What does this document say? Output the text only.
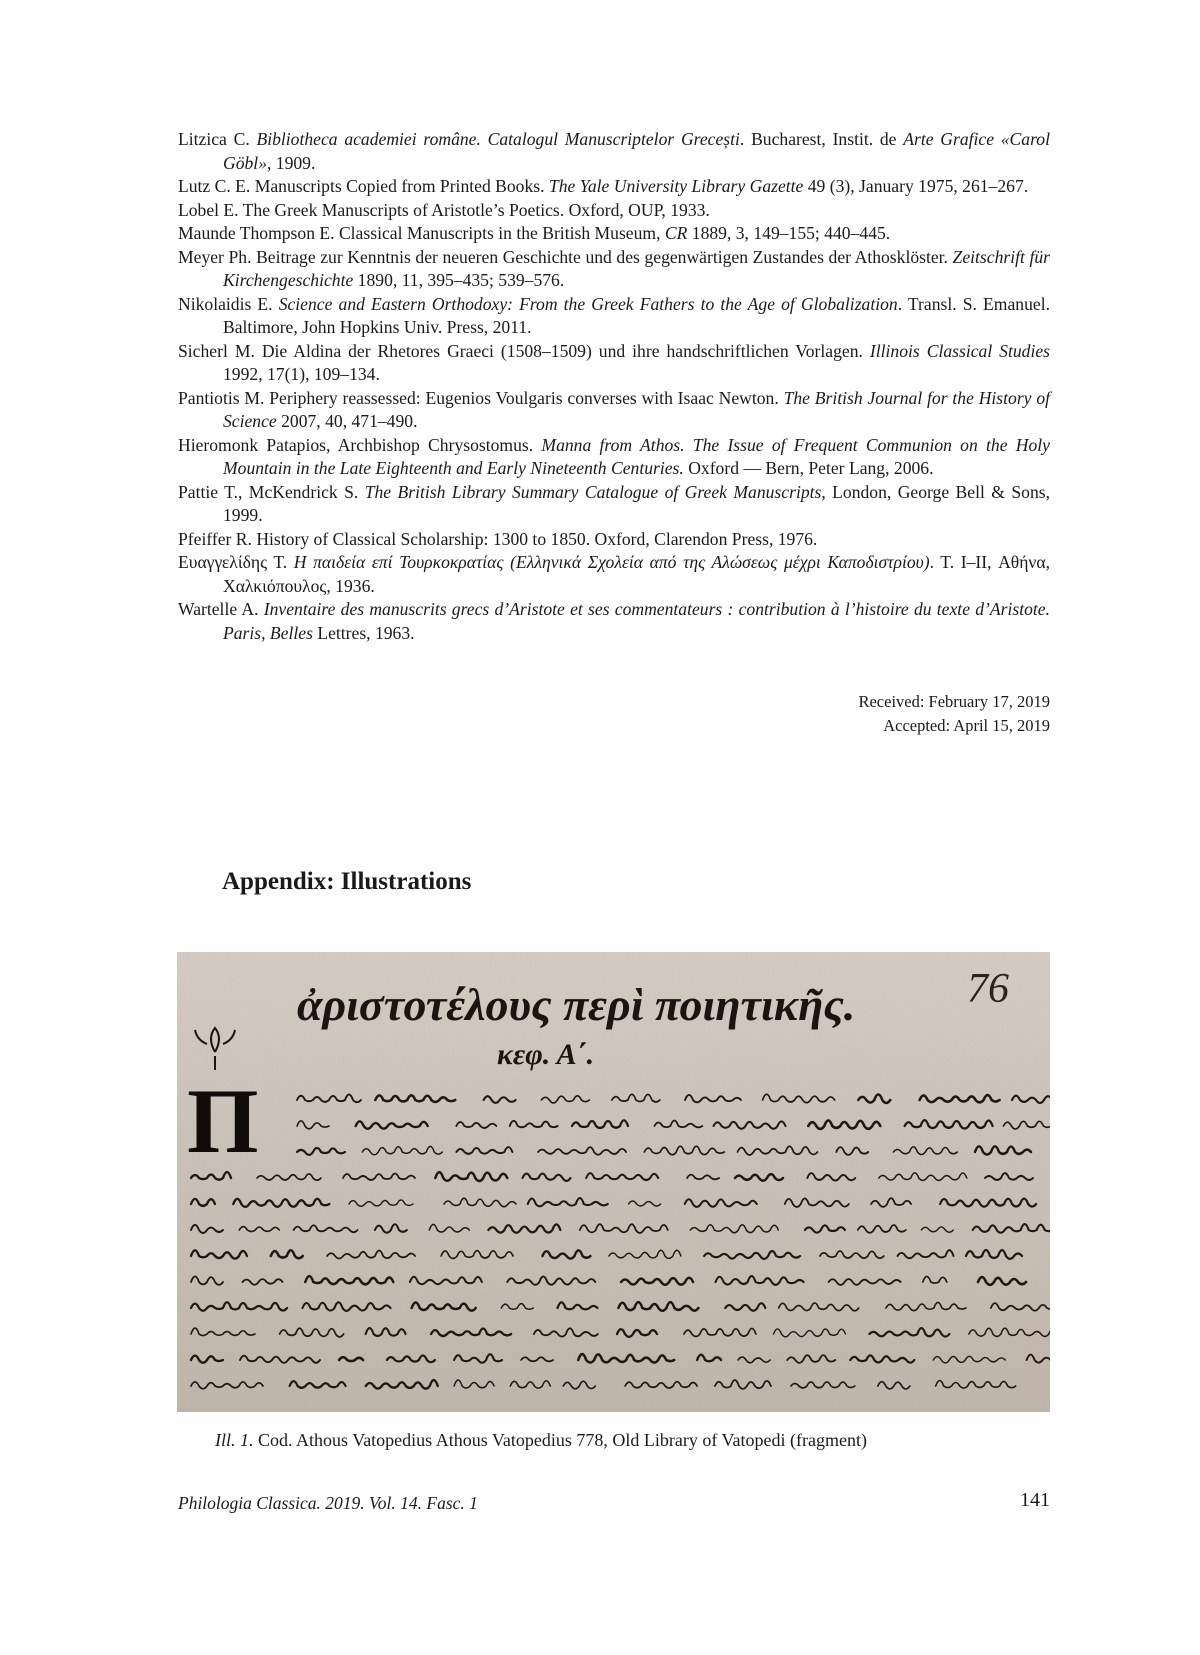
Litzica C. Bibliotheca academiei române. Catalogul Manuscriptelor Grecești. Bucharest, Instit. de Arte Grafice «Carol Göbl», 1909.

Lutz C. E. Manuscripts Copied from Printed Books. The Yale University Library Gazette 49 (3), January 1975, 261–267.

Lobel E. The Greek Manuscripts of Aristotle’s Poetics. Oxford, OUP, 1933.

Maunde Thompson E. Classical Manuscripts in the British Museum, CR 1889, 3, 149–155; 440–445.

Meyer Ph. Beitrage zur Kenntnis der neueren Geschichte und des gegenwärtigen Zustandes der Athosklöster. Zeitschrift für Kirchengeschichte 1890, 11, 395–435; 539–576.

Nikolaidis E. Science and Eastern Orthodoxy: From the Greek Fathers to the Age of Globalization. Transl. S. Emanuel. Baltimore, John Hopkins Univ. Press, 2011.

Sicherl M. Die Aldina der Rhetores Graeci (1508–1509) und ihre handschriftlichen Vorlagen. Illinois Classical Studies 1992, 17(1), 109–134.

Pantiotis M. Periphery reassessed: Eugenios Voulgaris converses with Isaac Newton. The British Journal for the History of Science 2007, 40, 471–490.

Hieromonk Patapios, Archbishop Chrysostomus. Manna from Athos. The Issue of Frequent Communion on the Holy Mountain in the Late Eighteenth and Early Nineteenth Centuries. Oxford — Bern, Peter Lang, 2006.

Pattie T., McKendrick S. The British Library Summary Catalogue of Greek Manuscripts, London, George Bell & Sons, 1999.

Pfeiffer R. History of Classical Scholarship: 1300 to 1850. Oxford, Clarendon Press, 1976.

Ευαγγελίδης Τ. Η παιδεία επί Τουρκοκρατίας (Ελληνικά Σχολεία από της Αλώσεως μέχρι Καποδιστρίου). Τ. I–II, Αθήνα, Χαλκιόπουλος, 1936.

Wartelle A. Inventaire des manuscrits grecs d’Aristote et ses commentateurs : contribution à l’histoire du texte d’Aristote. Paris, Belles Lettres, 1963.

Received: February 17, 2019
Accepted: April 15, 2019
Appendix: Illustrations
ἀριστοτέλους περὶ ποιητικῆς.
κεφ. Α΄.
76
Π
Ill. 1. Cod. Athous Vatopedius Athous Vatopedius 778, Old Library of Vatopedi (fragment)
Philologia Classica. 2019. Vol. 14. Fasc. 1	141
